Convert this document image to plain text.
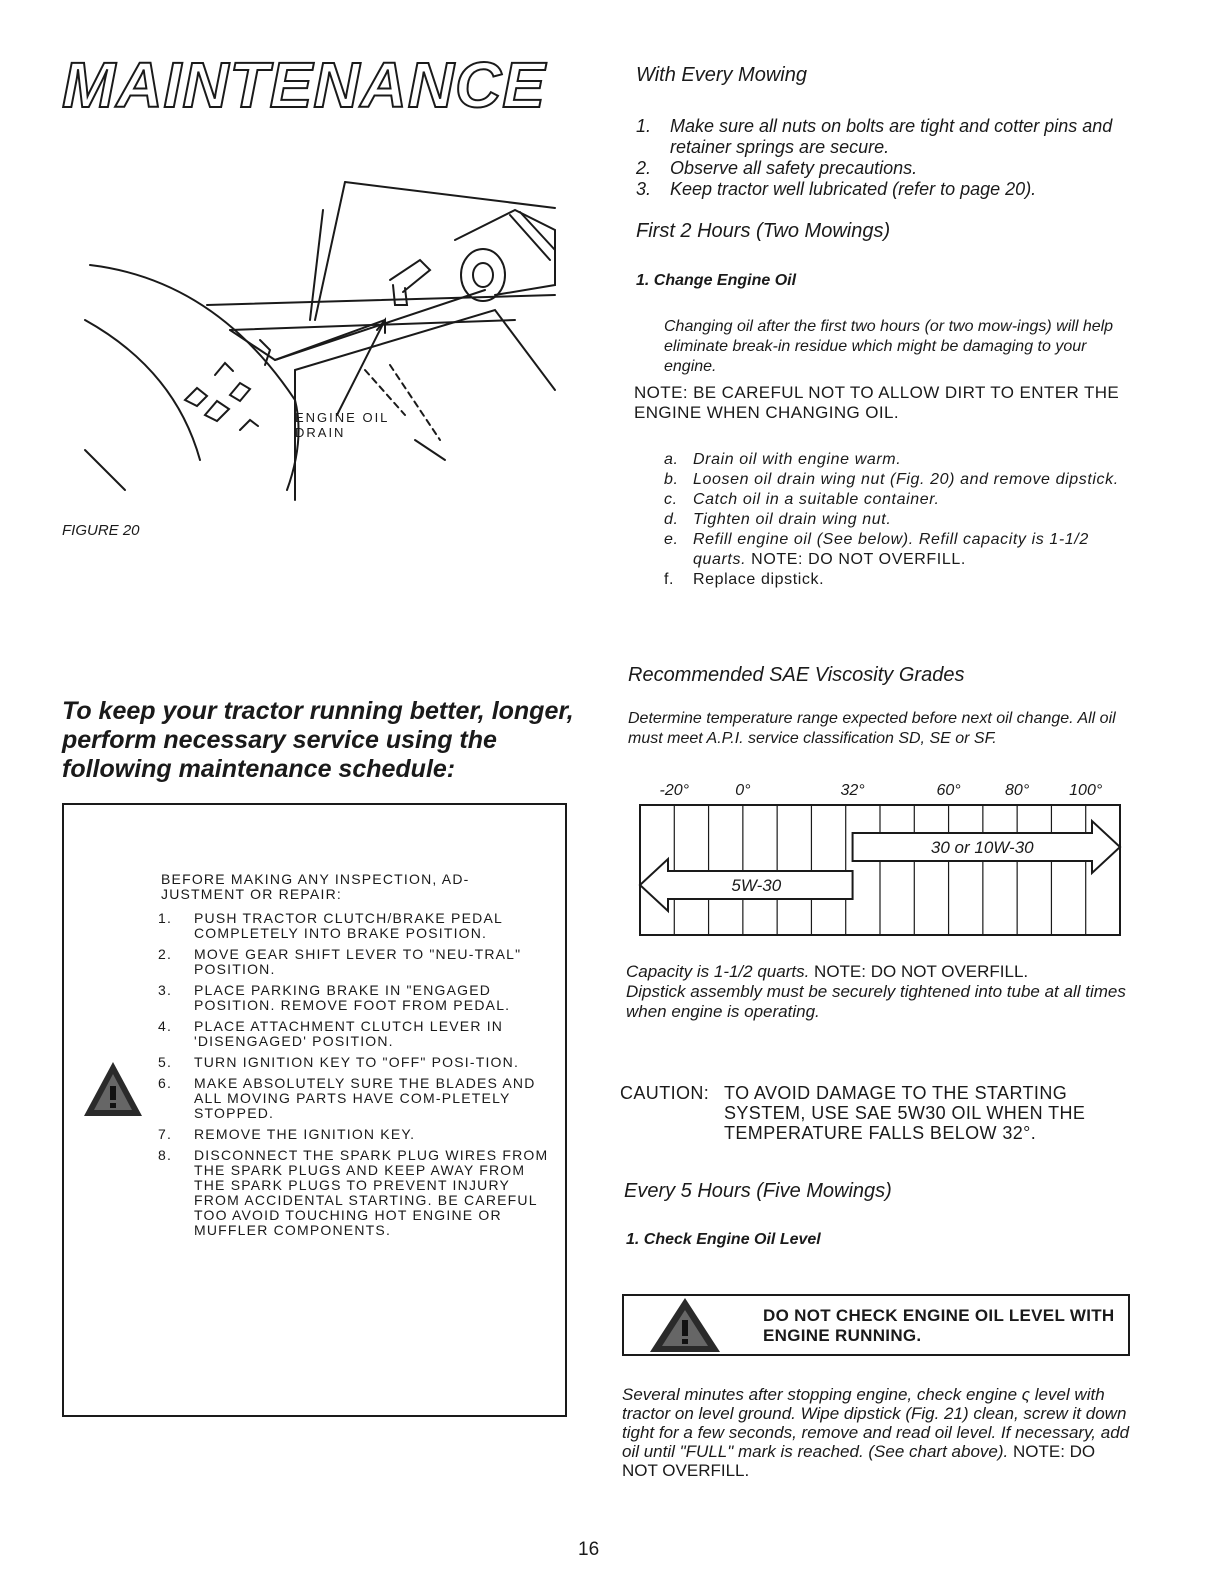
MAINTENANCE
ENGINE OIL
DRAIN
FIGURE 20
To keep your tractor running better, longer, perform necessary service using the following maintenance schedule:
BEFORE MAKING ANY INSPECTION, AD-
JUSTMENT OR REPAIR:
1. PUSH TRACTOR CLUTCH/BRAKE PEDAL COMPLETELY INTO BRAKE POSITION.
2. MOVE GEAR SHIFT LEVER TO "NEU-TRAL" POSITION.
3. PLACE PARKING BRAKE IN "ENGAGED POSITION. REMOVE FOOT FROM PEDAL.
4. PLACE ATTACHMENT CLUTCH LEVER IN 'DISENGAGED' POSITION.
5. TURN IGNITION KEY TO "OFF" POSI-TION.
6. MAKE ABSOLUTELY SURE THE BLADES AND ALL MOVING PARTS HAVE COM-PLETELY STOPPED.
7. REMOVE THE IGNITION KEY.
8. DISCONNECT THE SPARK PLUG WIRES FROM THE SPARK PLUGS AND KEEP AWAY FROM THE SPARK PLUGS TO PREVENT INJURY FROM ACCIDENTAL STARTING. BE CAREFUL TOO AVOID TOUCHING HOT ENGINE OR MUFFLER COMPONENTS.
With Every Mowing
1. Make sure all nuts on bolts are tight and cotter pins and retainer springs are secure.
2. Observe all safety precautions.
3. Keep tractor well lubricated (refer to page 20).
First 2 Hours (Two Mowings)
1. Change Engine Oil
Changing oil after the first two hours (or two mow-ings) will help eliminate break-in residue which might be damaging to your engine.
NOTE: BE CAREFUL NOT TO ALLOW DIRT TO ENTER THE ENGINE WHEN CHANGING OIL.
a. Drain oil with engine warm.
b. Loosen oil drain wing nut (Fig. 20) and remove dipstick.
c. Catch oil in a suitable container.
d. Tighten oil drain wing nut.
e. Refill engine oil (See below). Refill capacity is 1-1/2 quarts. NOTE: DO NOT OVERFILL.
f. Replace dipstick.
Recommended SAE Viscosity Grades
Determine temperature range expected before next oil change. All oil must meet A.P.I. service classification SD, SE or SF.
-20°	0°	32°	60°	80° 100°
30 or 10W-30
5W-30
Capacity is 1-1/2 quarts. NOTE: DO NOT OVERFILL.
Dipstick assembly must be securely tightened into tube at all times when engine is operating.
CAUTION: TO AVOID DAMAGE TO THE STARTING SYSTEM, USE SAE 5W30 OIL WHEN THE TEMPERATURE FALLS BELOW 32°.
Every 5 Hours (Five Mowings)
1. Check Engine Oil Level
DO NOT CHECK ENGINE OIL LEVEL WITH ENGINE RUNNING.
Several minutes after stopping engine, check engine ς level with tractor on level ground. Wipe dipstick (Fig. 21) clean, screw it down tight for a few seconds, remove and read oil level. If necessary, add oil until "FULL" mark is reached. (See chart above). NOTE: DO NOT OVERFILL.
16
